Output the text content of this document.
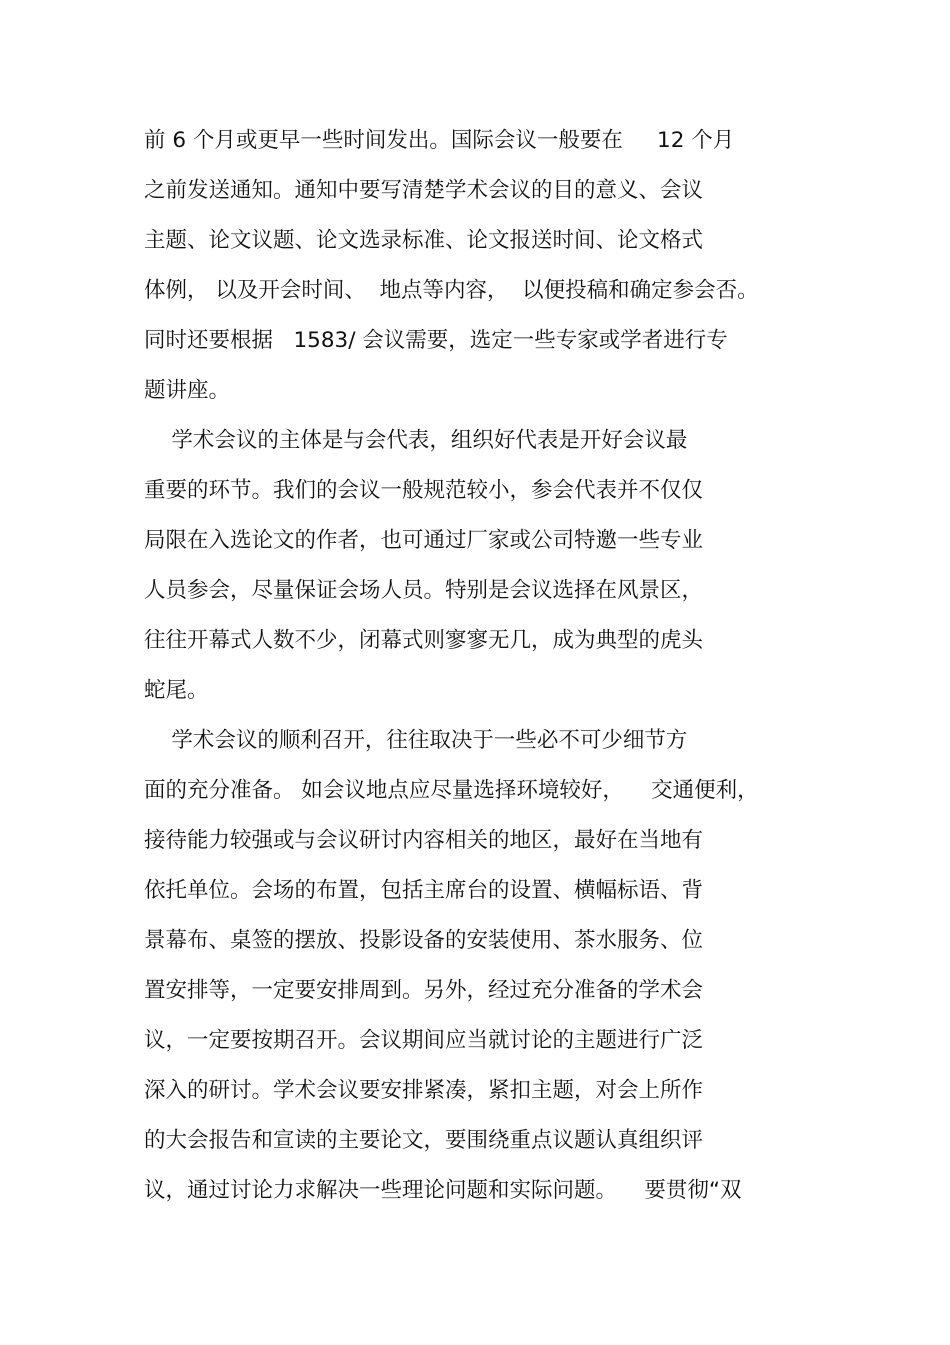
前 6 个月或更早一些时间发出。国际会议一般要在     12 个月
之前发送通知。通知中要写清楚学术会议的目的意义、会议
主题、论文议题、论文选录标准、论文报送时间、论文格式
体例， 以及开会时间、  地点等内容，  以便投稿和确定参会否。
同时还要根据   1583/ 会议需要，选定一些专家或学者进行专
题讲座。
学术会议的主体是与会代表，组织好代表是开好会议最
重要的环节。我们的会议一般规范较小，参会代表并不仅仅
局限在入选论文的作者，也可通过厂家或公司特邀一些专业
人员参会，尽量保证会场人员。特别是会议选择在风景区，
往往开幕式人数不少，闭幕式则寥寥无几，成为典型的虎头
蛇尾。
学术会议的顺利召开，往往取决于一些必不可少细节方
面的充分准备。 如会议地点应尽量选择环境较好，    交通便利，
接待能力较强或与会议研讨内容相关的地区，最好在当地有
依托单位。会场的布置，包括主席台的设置、横幅标语、背
景幕布、桌签的摆放、投影设备的安装使用、茶水服务、位
置安排等，一定要安排周到。另外，经过充分准备的学术会
议，一定要按期召开。会议期间应当就讨论的主题进行广泛
深入的研讨。学术会议要安排紧凑，紧扣主题，对会上所作
的大会报告和宣读的主要论文，要围绕重点议题认真组织评
议，通过讨论力求解决一些理论问题和实际问题。    要贯彻“双
